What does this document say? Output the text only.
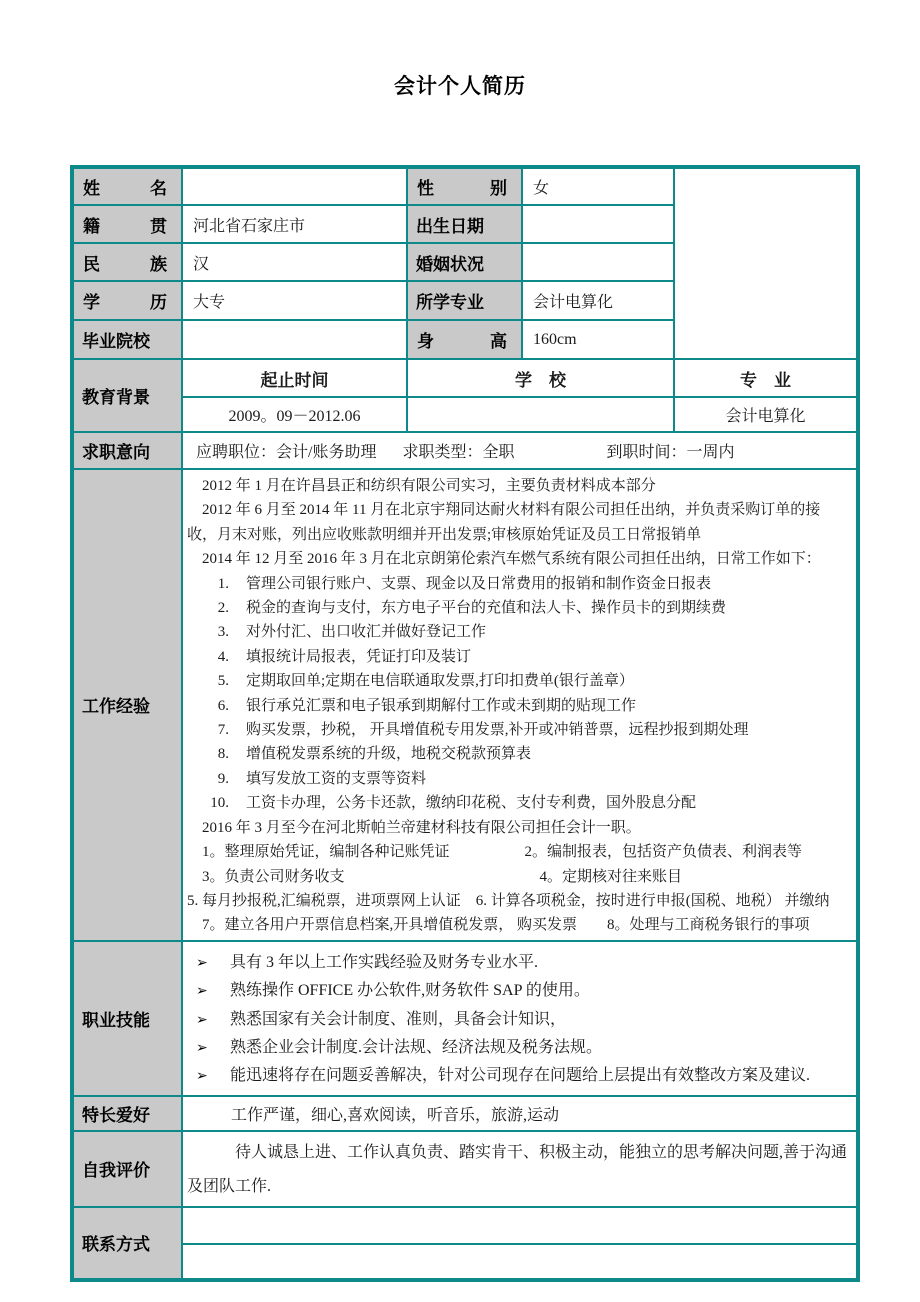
会计个人简历
姓　名		性　别	女	
籍　贯	河北省石家庄市	出生日期		
民　族	汉	婚姻状况		
学　历	大专	所学专业	会计电算化	
毕业院校		身　高	160cm	
教育背景	起止时间	学　校		专　业
	2009。09－2012.06			会计电算化
求职意向	应聘职位：会计/账务助理 求职类型：全职 到职时间：一周内			

工作经验	
2012 年 1 月在许昌县正和纺织有限公司实习，主要负责材料成本部分
2012 年 6 月至 2014 年 11 月在北京宇翔同达耐火材料有限公司担任出纳，并负责采购订单的接收，月末对账，列出应收账款明细并开出发票;审核原始凭证及员工日常报销单
2014 年 12 月至 2016 年 3 月在北京朗第伦索汽车燃气系统有限公司担任出纳，日常工作如下：
1.	管理公司银行账户、支票、现金以及日常费用的报销和制作资金日报表
2.	税金的查询与支付，东方电子平台的充值和法人卡、操作员卡的到期续费
3.	对外付汇、出口收汇并做好登记工作
4.	填报统计局报表，凭证打印及装订
5.	定期取回单;定期在电信联通取发票,打印扣费单(银行盖章）
6.	银行承兑汇票和电子银承到期解付工作或未到期的贴现工作
7.	购买发票，抄税， 开具增值税专用发票,补开或冲销普票，远程抄报到期处理
8.	增值税发票系统的升级，地税交税款预算表
9.	填写发放工资的支票等资料
10.	工资卡办理，公务卡还款，缴纳印花税、支付专利费，国外股息分配
2016 年 3 月至今在河北斯帕兰帝建材科技有限公司担任会计一职。
　1。整理原始凭证，编制各种记账凭证　　　　　2。编制报表，包括资产负债表、利润表等
　3。负责公司财务收支　　　　　　　　　　　　　4。定期核对往来账目
5. 每月抄报税,汇编税票，进项票网上认证　6. 计算各项税金，按时进行申报(国税、地税） 并缴纳
　7。建立各用户开票信息档案,开具增值税发票， 购买发票　　8。处理与工商税务银行的事项

职业技能	
➢	具有 3 年以上工作实践经验及财务专业水平.
➢	熟练操作 OFFICE 办公软件,财务软件 SAP 的使用。
➢	熟悉国家有关会计制度、准则，具备会计知识，
➢	熟悉企业会计制度.会计法规、经济法规及税务法规。
➢	能迅速将存在问题妥善解决，针对公司现存在问题给上层提出有效整改方案及建议.

特长爱好	工作严谨，细心,喜欢阅读，听音乐，旅游,运动			

自我评价	待人诚恳上进、工作认真负责、踏实肯干、积极主动，能独立的思考解决问题,善于沟通及团队工作.			

联系方式				
